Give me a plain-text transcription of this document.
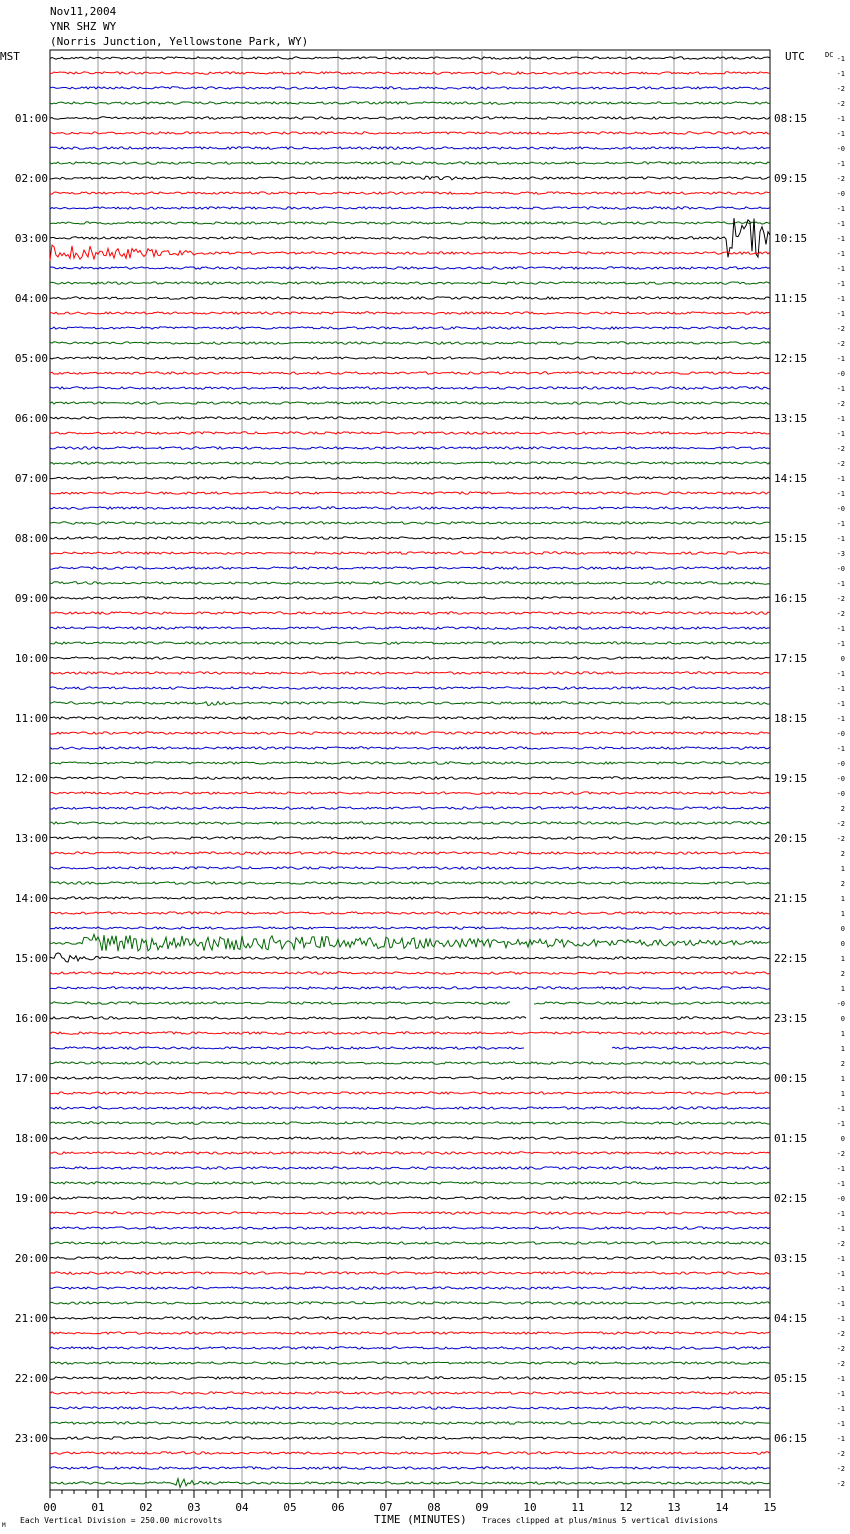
Nov11,2004
YNR SHZ WY
(Norris Junction, Yellowstone Park, WY)
-1
-1
-2
-2
-1
-1
-0
-1
-2
-0
-1
-1
-1
-1
-1
-1
-1
-1
-2
-2
-1
-0
-1
-2
-1
-1
-2
-2
-1
-1
-0
-1
-1
-3
-0
-1
-2
-2
-1
-1
0
-1
-1
-1
-1
-0
-1
-0
-0
-0
2
-2
-2
2
1
2
1
1
0
0
1
2
1
-0
0
1
1
2
1
1
-1
-1
0
-2
-1
-1
-0
-1
-1
-2
-1
-1
-1
-1
-1
-2
-2
-2
-1
-1
-1
-1
-1
-2
-2
-2
MST	UTC	DC
01:00
02:00
03:00
04:00
05:00
06:00
07:00
08:00
09:00
10:00
11:00
12:00
13:00
14:00
15:00
16:00
17:00
18:00
19:00
20:00
21:00
22:00
23:00
08:15
09:15
10:15
11:15
12:15
13:15
14:15
15:15
16:15
17:15
18:15
19:15
20:15
21:15
22:15
23:15
00:15
01:15
02:15
03:15
04:15
05:15
06:15
00	01	02	03	04	05	06	07	08	09	10	11	12	13	14	15
Each Vertical Division = 250.00 microvolts	TIME (MINUTES) Traces clipped at plus/minus 5 vertical divisions
M
